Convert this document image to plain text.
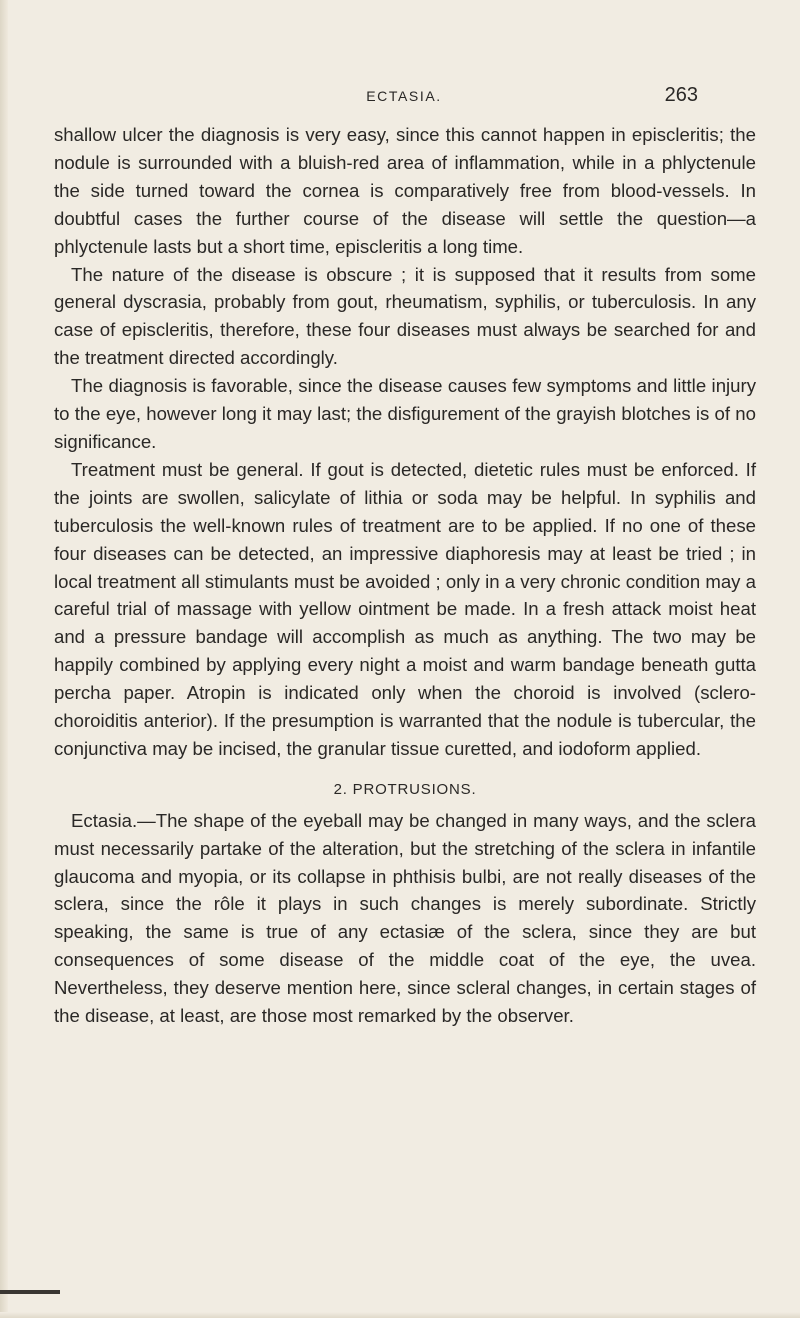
ECTASIA.	263

shallow ulcer the diagnosis is very easy, since this cannot happen in episcleritis; the nodule is surrounded with a bluish-red area of inflammation, while in a phlyctenule the side turned toward the cornea is comparatively free from blood-vessels. In doubtful cases the further course of the disease will settle the question—a phlyctenule lasts but a short time, episcleritis a long time.

The nature of the disease is obscure ; it is supposed that it results from some general dyscrasia, probably from gout, rheumatism, syphilis, or tuberculosis. In any case of episcleritis, therefore, these four diseases must always be searched for and the treatment directed accordingly.

The diagnosis is favorable, since the disease causes few symptoms and little injury to the eye, however long it may last; the disfigurement of the grayish blotches is of no significance.

Treatment must be general. If gout is detected, dietetic rules must be enforced. If the joints are swollen, salicylate of lithia or soda may be helpful. In syphilis and tuberculosis the well-known rules of treatment are to be applied. If no one of these four diseases can be detected, an impressive diaphoresis may at least be tried ; in local treatment all stimulants must be avoided ; only in a very chronic condition may a careful trial of massage with yellow ointment be made. In a fresh attack moist heat and a pressure bandage will accomplish as much as anything. The two may be happily combined by applying every night a moist and warm bandage beneath gutta percha paper. Atropin is indicated only when the choroid is involved (sclero-choroiditis anterior). If the presumption is warranted that the nodule is tubercular, the conjunctiva may be incised, the granular tissue curetted, and iodoform applied.

2. PROTRUSIONS.

Ectasia.—The shape of the eyeball may be changed in many ways, and the sclera must necessarily partake of the alteration, but the stretching of the sclera in infantile glaucoma and myopia, or its collapse in phthisis bulbi, are not really diseases of the sclera, since the rôle it plays in such changes is merely subordinate. Strictly speaking, the same is true of any ectasiæ of the sclera, since they are but consequences of some disease of the middle coat of the eye, the uvea. Nevertheless, they deserve mention here, since scleral changes, in certain stages of the disease, at least, are those most remarked by the observer.
